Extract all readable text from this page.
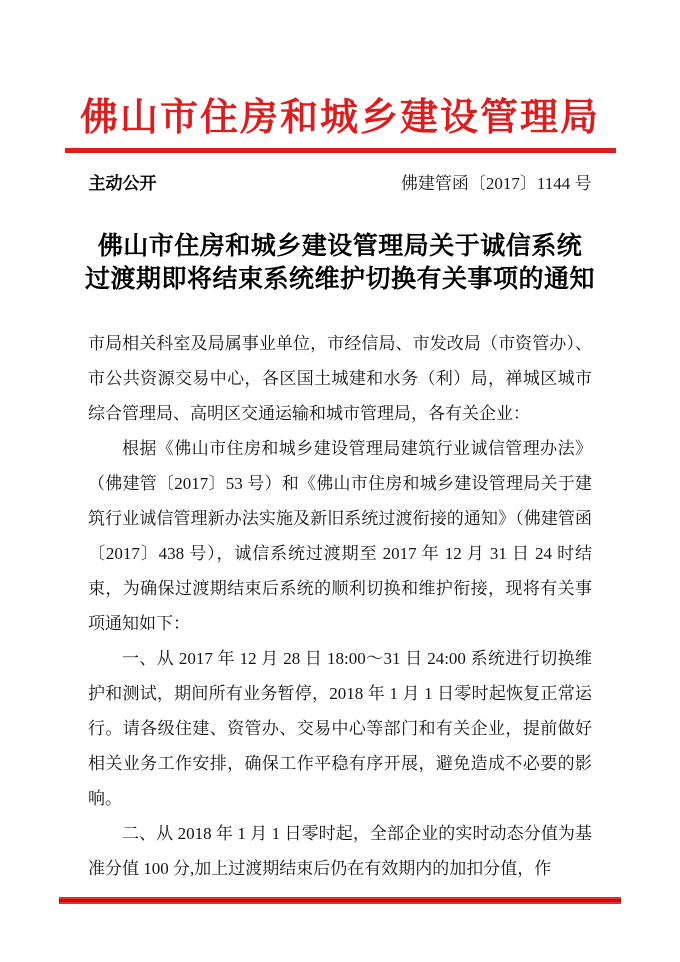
佛山市住房和城乡建设管理局
主动公开	佛建管函〔2017〕1144 号
佛山市住房和城乡建设管理局关于诚信系统
过渡期即将结束系统维护切换有关事项的通知

市局相关科室及局属事业单位，市经信局、市发改局（市资管办）、市公共资源交易中心，各区国土城建和水务（利）局，禅城区城市综合管理局、高明区交通运输和城市管理局，各有关企业：

根据《佛山市住房和城乡建设管理局建筑行业诚信管理办法》（佛建管〔2017〕53 号）和《佛山市住房和城乡建设管理局关于建筑行业诚信管理新办法实施及新旧系统过渡衔接的通知》（佛建管函〔2017〕438 号），诚信系统过渡期至 2017 年 12 月 31 日 24 时结束，为确保过渡期结束后系统的顺利切换和维护衔接，现将有关事项通知如下：

一、从 2017 年 12 月 28 日 18:00～31 日 24:00 系统进行切换维护和测试，期间所有业务暂停，2018 年 1 月 1 日零时起恢复正常运行。请各级住建、资管办、交易中心等部门和有关企业，提前做好相关业务工作安排，确保工作平稳有序开展，避免造成不必要的影响。

二、从 2018 年 1 月 1 日零时起，全部企业的实时动态分值为基准分值 100 分,加上过渡期结束后仍在有效期内的加扣分值，作
